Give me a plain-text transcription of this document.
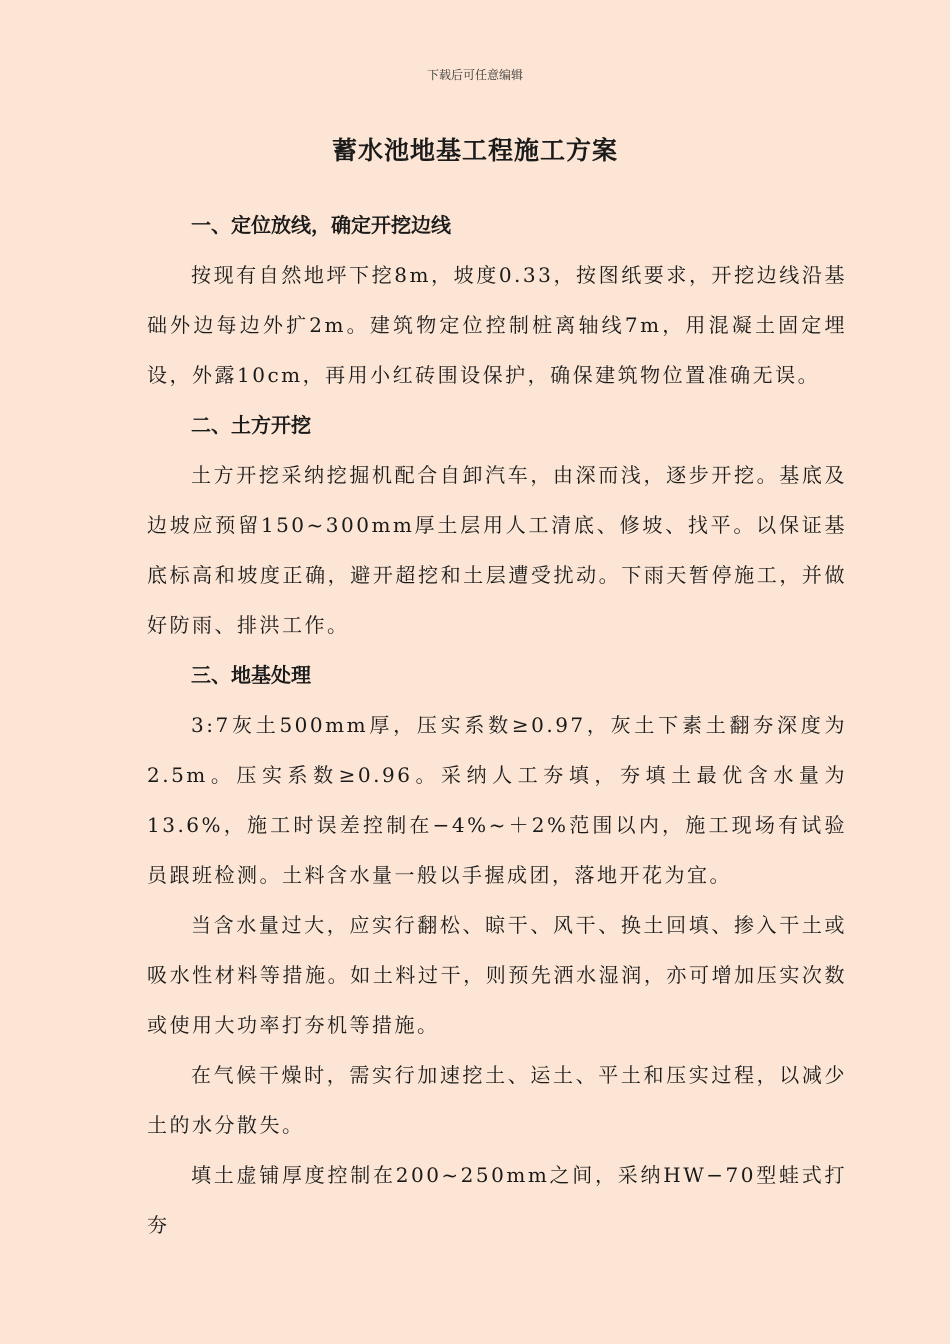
下载后可任意编辑
蓄水池地基工程施工方案
一、定位放线，确定开挖边线

按现有自然地坪下挖8m，坡度0.33，按图纸要求，开挖边线沿基础外边每边外扩2m。建筑物定位控制桩离轴线7m，用混凝土固定埋设，外露10cm，再用小红砖围设保护，确保建筑物位置准确无误。

二、土方开挖

土方开挖采纳挖掘机配合自卸汽车，由深而浅，逐步开挖。基底及边坡应预留150~300mm厚土层用人工清底、修坡、找平。以保证基底标高和坡度正确，避开超挖和土层遭受扰动。下雨天暂停施工，并做好防雨、排洪工作。

三、地基处理

3:7灰土500mm厚，压实系数≥0.97，灰土下素土翻夯深度为2.5m。压实系数≥0.96。采纳人工夯填，夯填土最优含水量为13.6%，施工时误差控制在−4%~＋2%范围以内，施工现场有试验员跟班检测。土料含水量一般以手握成团，落地开花为宜。

当含水量过大，应实行翻松、晾干、风干、换土回填、掺入干土或吸水性材料等措施。如土料过干，则预先洒水湿润，亦可增加压实次数或使用大功率打夯机等措施。

在气候干燥时，需实行加速挖土、运土、平土和压实过程，以减少土的水分散失。

填土虚铺厚度控制在200~250mm之间，采纳HW−70型蛙式打夯
